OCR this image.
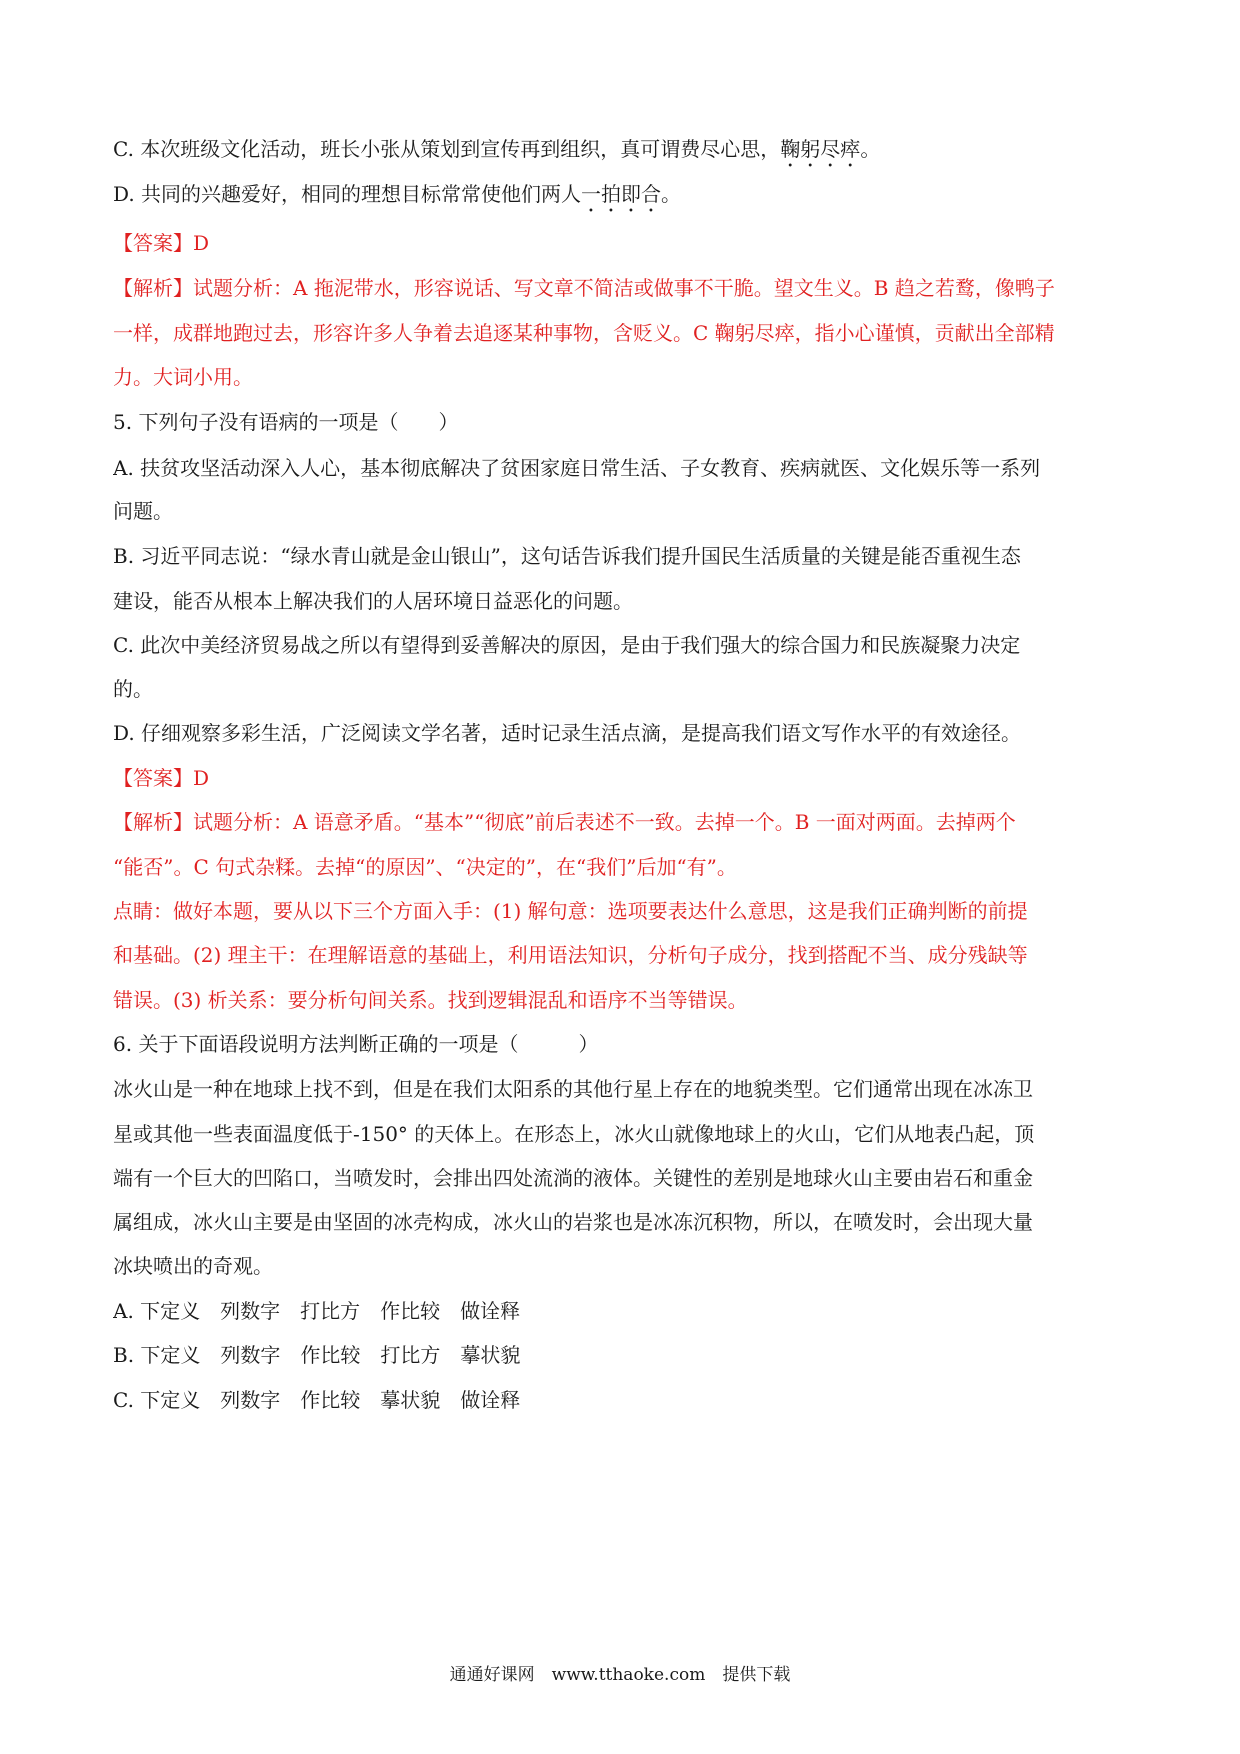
C. 本次班级文化活动，班长小张从策划到宣传再到组织，真可谓费尽心思，鞠躬尽瘁。
D. 共同的兴趣爱好，相同的理想目标常常使他们两人一拍即合。
【答案】D
【解析】试题分析：A 拖泥带水，形容说话、写文章不简洁或做事不干脆。望文生义。B 趋之若鹜，像鸭子
一样，成群地跑过去，形容许多人争着去追逐某种事物，含贬义。C 鞠躬尽瘁，指小心谨慎，贡献出全部精
力。大词小用。
5. 下列句子没有语病的一项是（　　）
A. 扶贫攻坚活动深入人心，基本彻底解决了贫困家庭日常生活、子女教育、疾病就医、文化娱乐等一系列
问题。
B. 习近平同志说：“绿水青山就是金山银山”，这句话告诉我们提升国民生活质量的关键是能否重视生态
建设，能否从根本上解决我们的人居环境日益恶化的问题。
C. 此次中美经济贸易战之所以有望得到妥善解决的原因，是由于我们强大的综合国力和民族凝聚力决定
的。
D. 仔细观察多彩生活，广泛阅读文学名著，适时记录生活点滴，是提高我们语文写作水平的有效途径。
【答案】D
【解析】试题分析：A 语意矛盾。“基本”“彻底”前后表述不一致。去掉一个。B 一面对两面。去掉两个
“能否”。C 句式杂糅。去掉“的原因”、“决定的”，在“我们”后加“有”。
点睛：做好本题，要从以下三个方面入手：(1) 解句意：选项要表达什么意思，这是我们正确判断的前提
和基础。(2) 理主干：在理解语意的基础上，利用语法知识，分析句子成分，找到搭配不当、成分残缺等
错误。(3) 析关系：要分析句间关系。找到逻辑混乱和语序不当等错误。
6. 关于下面语段说明方法判断正确的一项是（　　　）
冰火山是一种在地球上找不到，但是在我们太阳系的其他行星上存在的地貌类型。它们通常出现在冰冻卫
星或其他一些表面温度低于-150° 的天体上。在形态上，冰火山就像地球上的火山，它们从地表凸起，顶
端有一个巨大的凹陷口，当喷发时，会排出四处流淌的液体。关键性的差别是地球火山主要由岩石和重金
属组成，冰火山主要是由坚固的冰壳构成，冰火山的岩浆也是冰冻沉积物，所以，在喷发时，会出现大量
冰块喷出的奇观。
A. 下定义　列数字　打比方　作比较　做诠释
B. 下定义　列数字　作比较　打比方　摹状貌
C. 下定义　列数字　作比较　摹状貌　做诠释
通通好课网　www.tthaoke.com　提供下载
